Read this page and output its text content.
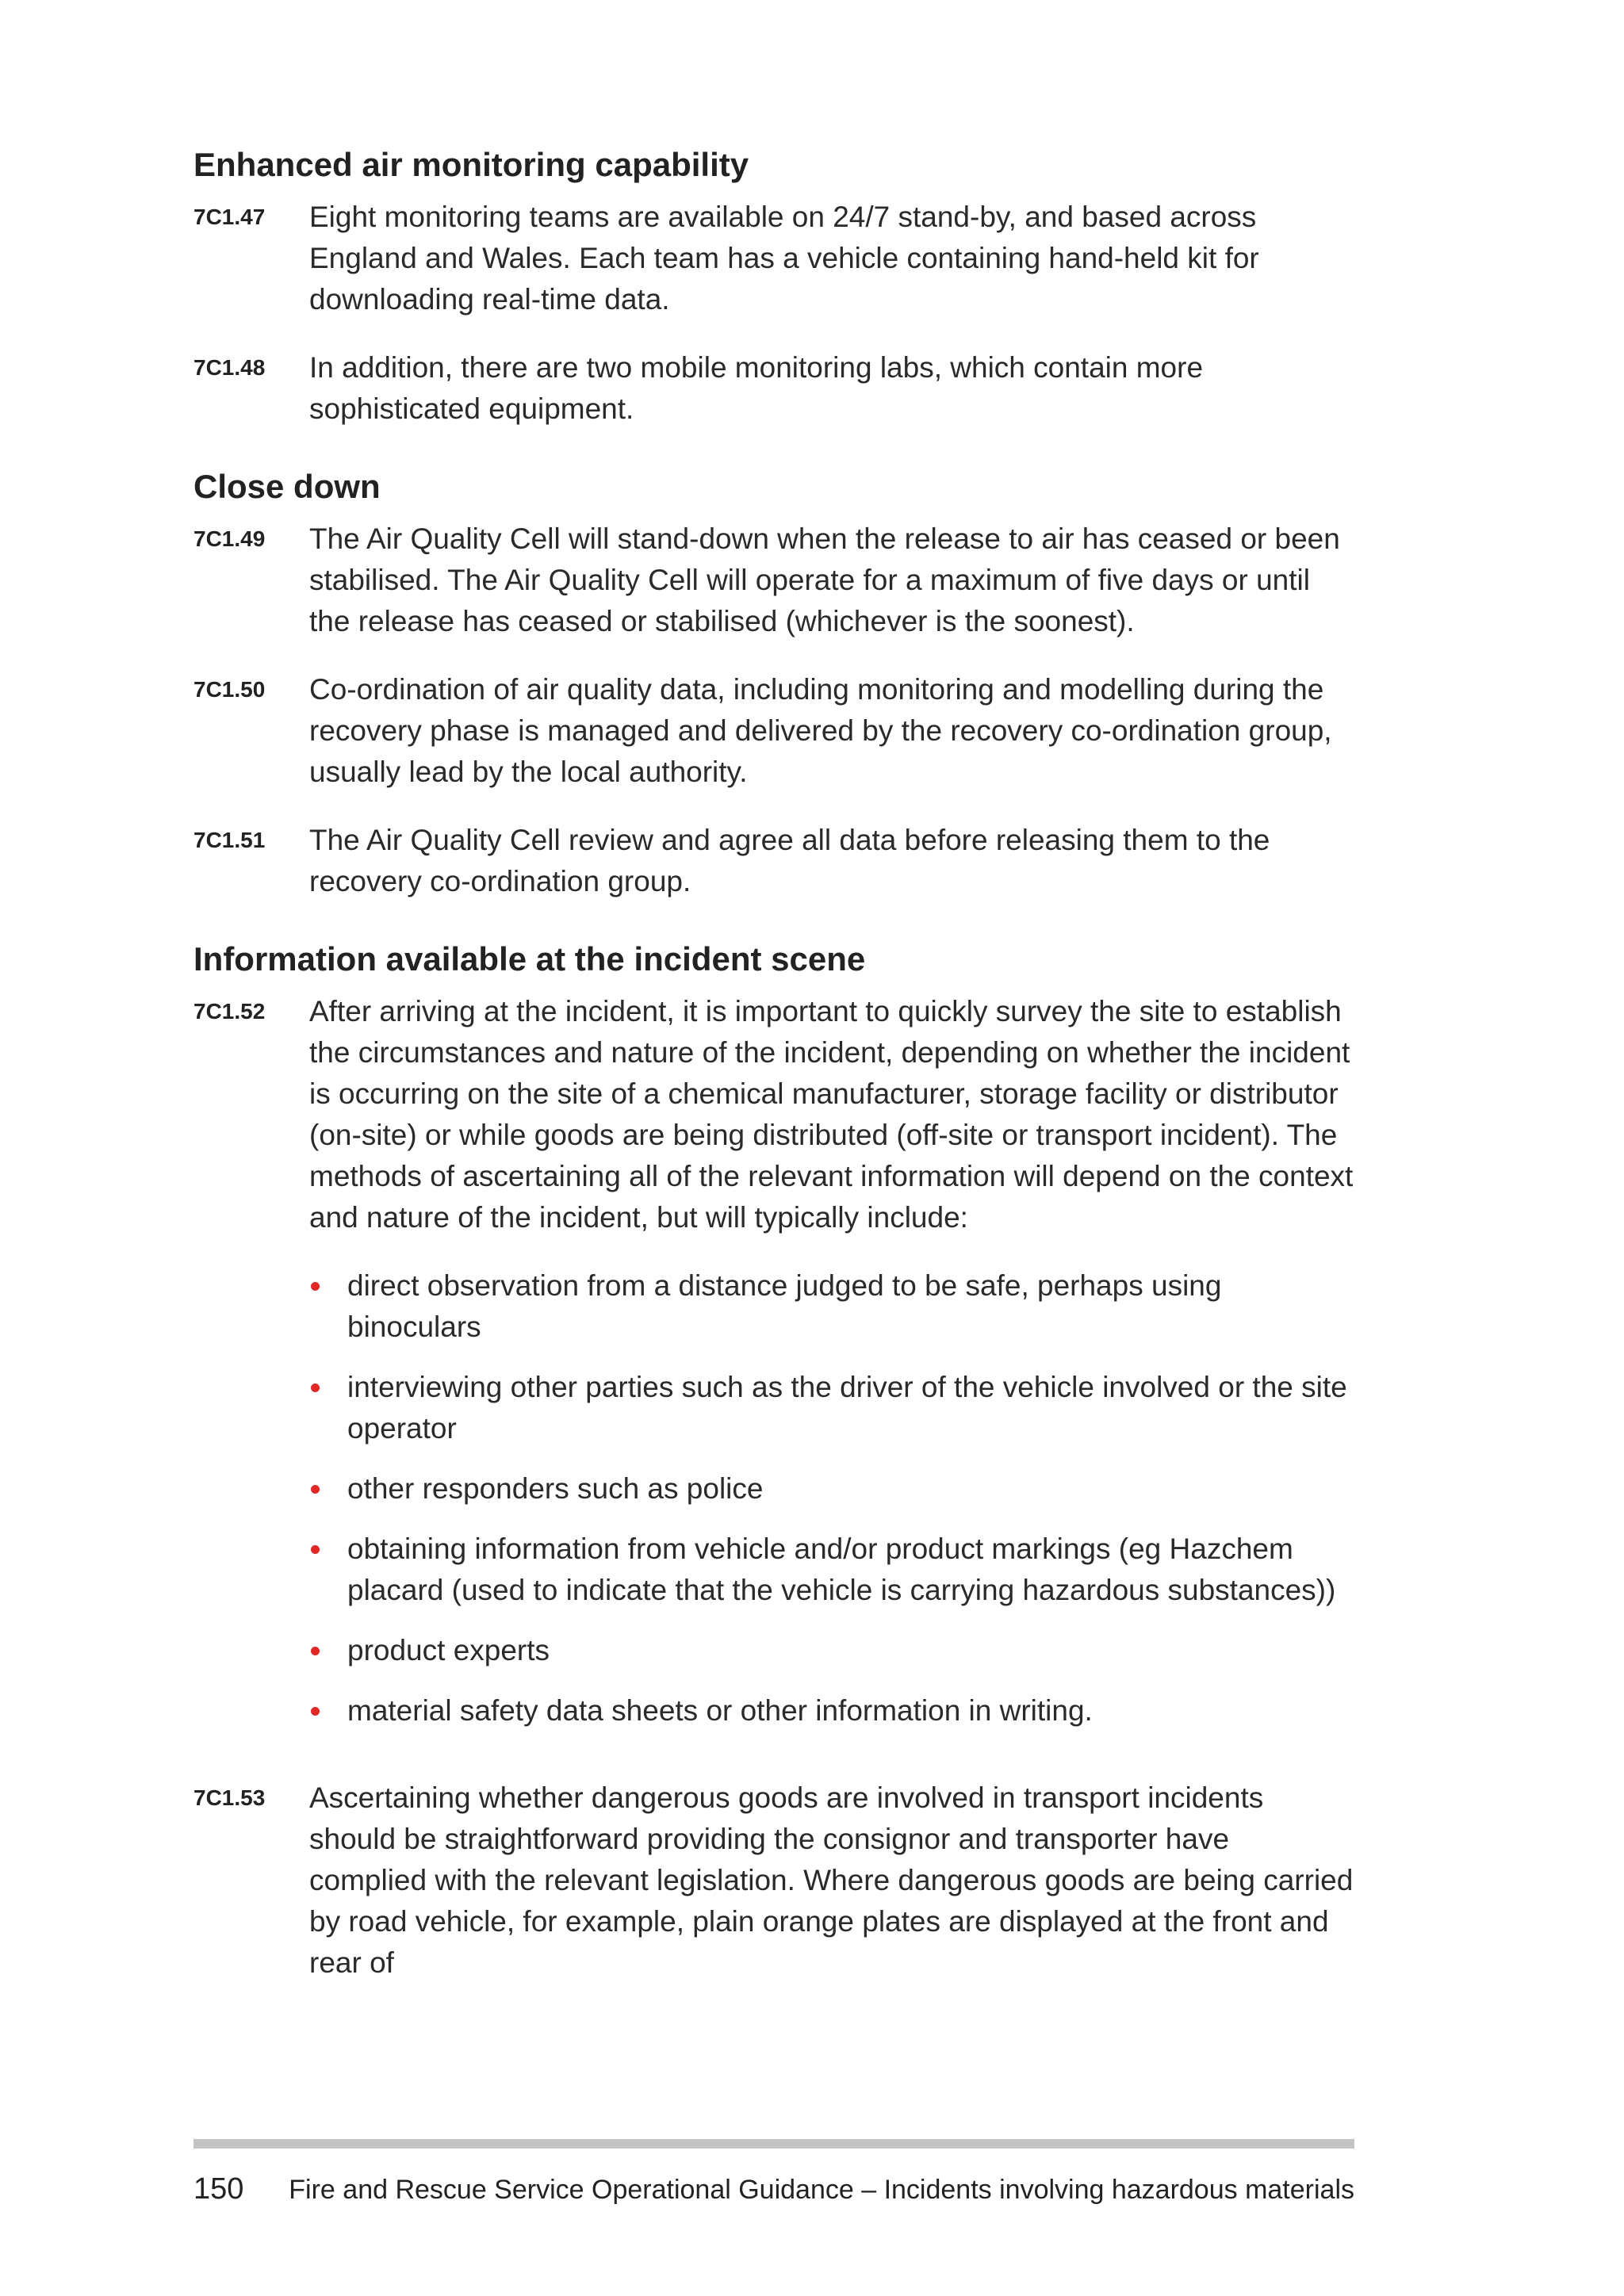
Enhanced air monitoring capability
7C1.47	Eight monitoring teams are available on 24/7 stand-by, and based across England and Wales. Each team has a vehicle containing hand-held kit for downloading real-time data.

7C1.48	In addition, there are two mobile monitoring labs, which contain more sophisticated equipment.

Close down
7C1.49	The Air Quality Cell will stand-down when the release to air has ceased or been stabilised. The Air Quality Cell will operate for a maximum of five days or until the release has ceased or stabilised (whichever is the soonest).

7C1.50	Co-ordination of air quality data, including monitoring and modelling during the recovery phase is managed and delivered by the recovery co-ordination group, usually lead by the local authority.

7C1.51	The Air Quality Cell review and agree all data before releasing them to the recovery co-ordination group.

Information available at the incident scene
7C1.52	After arriving at the incident, it is important to quickly survey the site to establish the circumstances and nature of the incident, depending on whether the incident is occurring on the site of a chemical manufacturer, storage facility or distributor (on-site) or while goods are being distributed (off-site or transport incident). The methods of ascertaining all of the relevant information will depend on the context and nature of the incident, but will typically include:

direct observation from a distance judged to be safe, perhaps using binoculars
interviewing other parties such as the driver of the vehicle involved or the site operator
other responders such as police
obtaining information from vehicle and/or product markings (eg Hazchem placard (used to indicate that the vehicle is carrying hazardous substances))
product experts
material safety data sheets or other information in writing.
7C1.53	Ascertaining whether dangerous goods are involved in transport incidents should be straightforward providing the consignor and transporter have complied with the relevant legislation. Where dangerous goods are being carried by road vehicle, for example, plain orange plates are displayed at the front and rear of

150	Fire and Rescue Service Operational Guidance – Incidents involving hazardous materials
